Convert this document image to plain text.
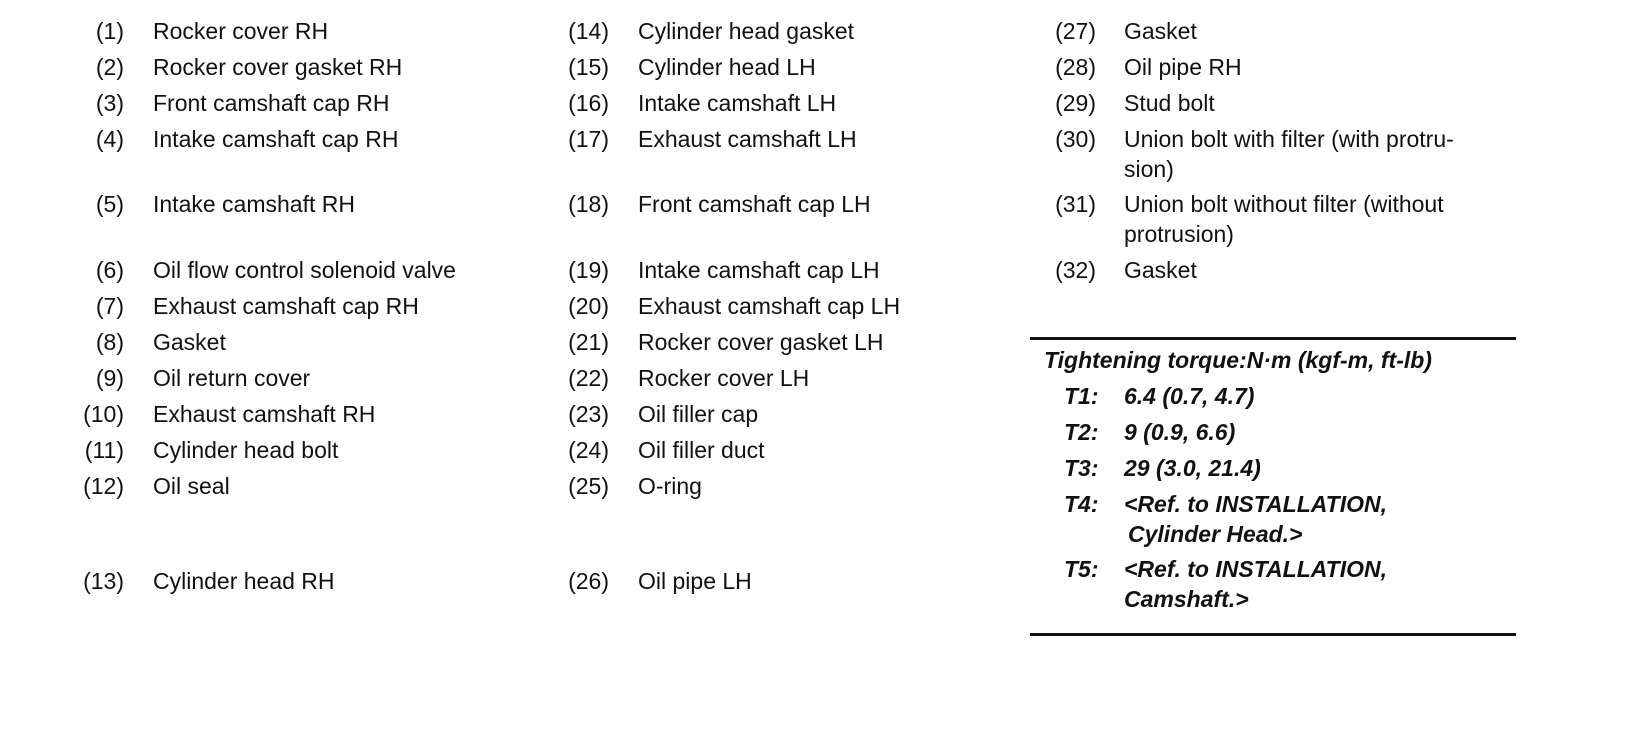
(1) Rocker cover RH
(2) Rocker cover gasket RH
(3) Front camshaft cap RH
(4) Intake camshaft cap RH
(5) Intake camshaft RH
(6) Oil flow control solenoid valve
(7) Exhaust camshaft cap RH
(8) Gasket
(9) Oil return cover
(10) Exhaust camshaft RH
(11) Cylinder head bolt
(12) Oil seal
(13) Cylinder head RH
(14) Cylinder head gasket
(15) Cylinder head LH
(16) Intake camshaft LH
(17) Exhaust camshaft LH
(18) Front camshaft cap LH
(19) Intake camshaft cap LH
(20) Exhaust camshaft cap LH
(21) Rocker cover gasket LH
(22) Rocker cover LH
(23) Oil filler cap
(24) Oil filler duct
(25) O-ring
(26) Oil pipe LH
(27) Gasket
(28) Oil pipe RH
(29) Stud bolt
(30) Union bolt with filter (with protru-
sion)
(31) Union bolt without filter (without
protrusion)
(32) Gasket
Tightening torque:N·m (kgf-m, ft-lb)
T1: 6.4 (0.7, 4.7)
T2: 9 (0.9, 6.6)
T3: 29 (3.0, 21.4)
T4: <Ref. to INSTALLATION,
Cylinder Head.>
T5: <Ref. to INSTALLATION,
Camshaft.>
